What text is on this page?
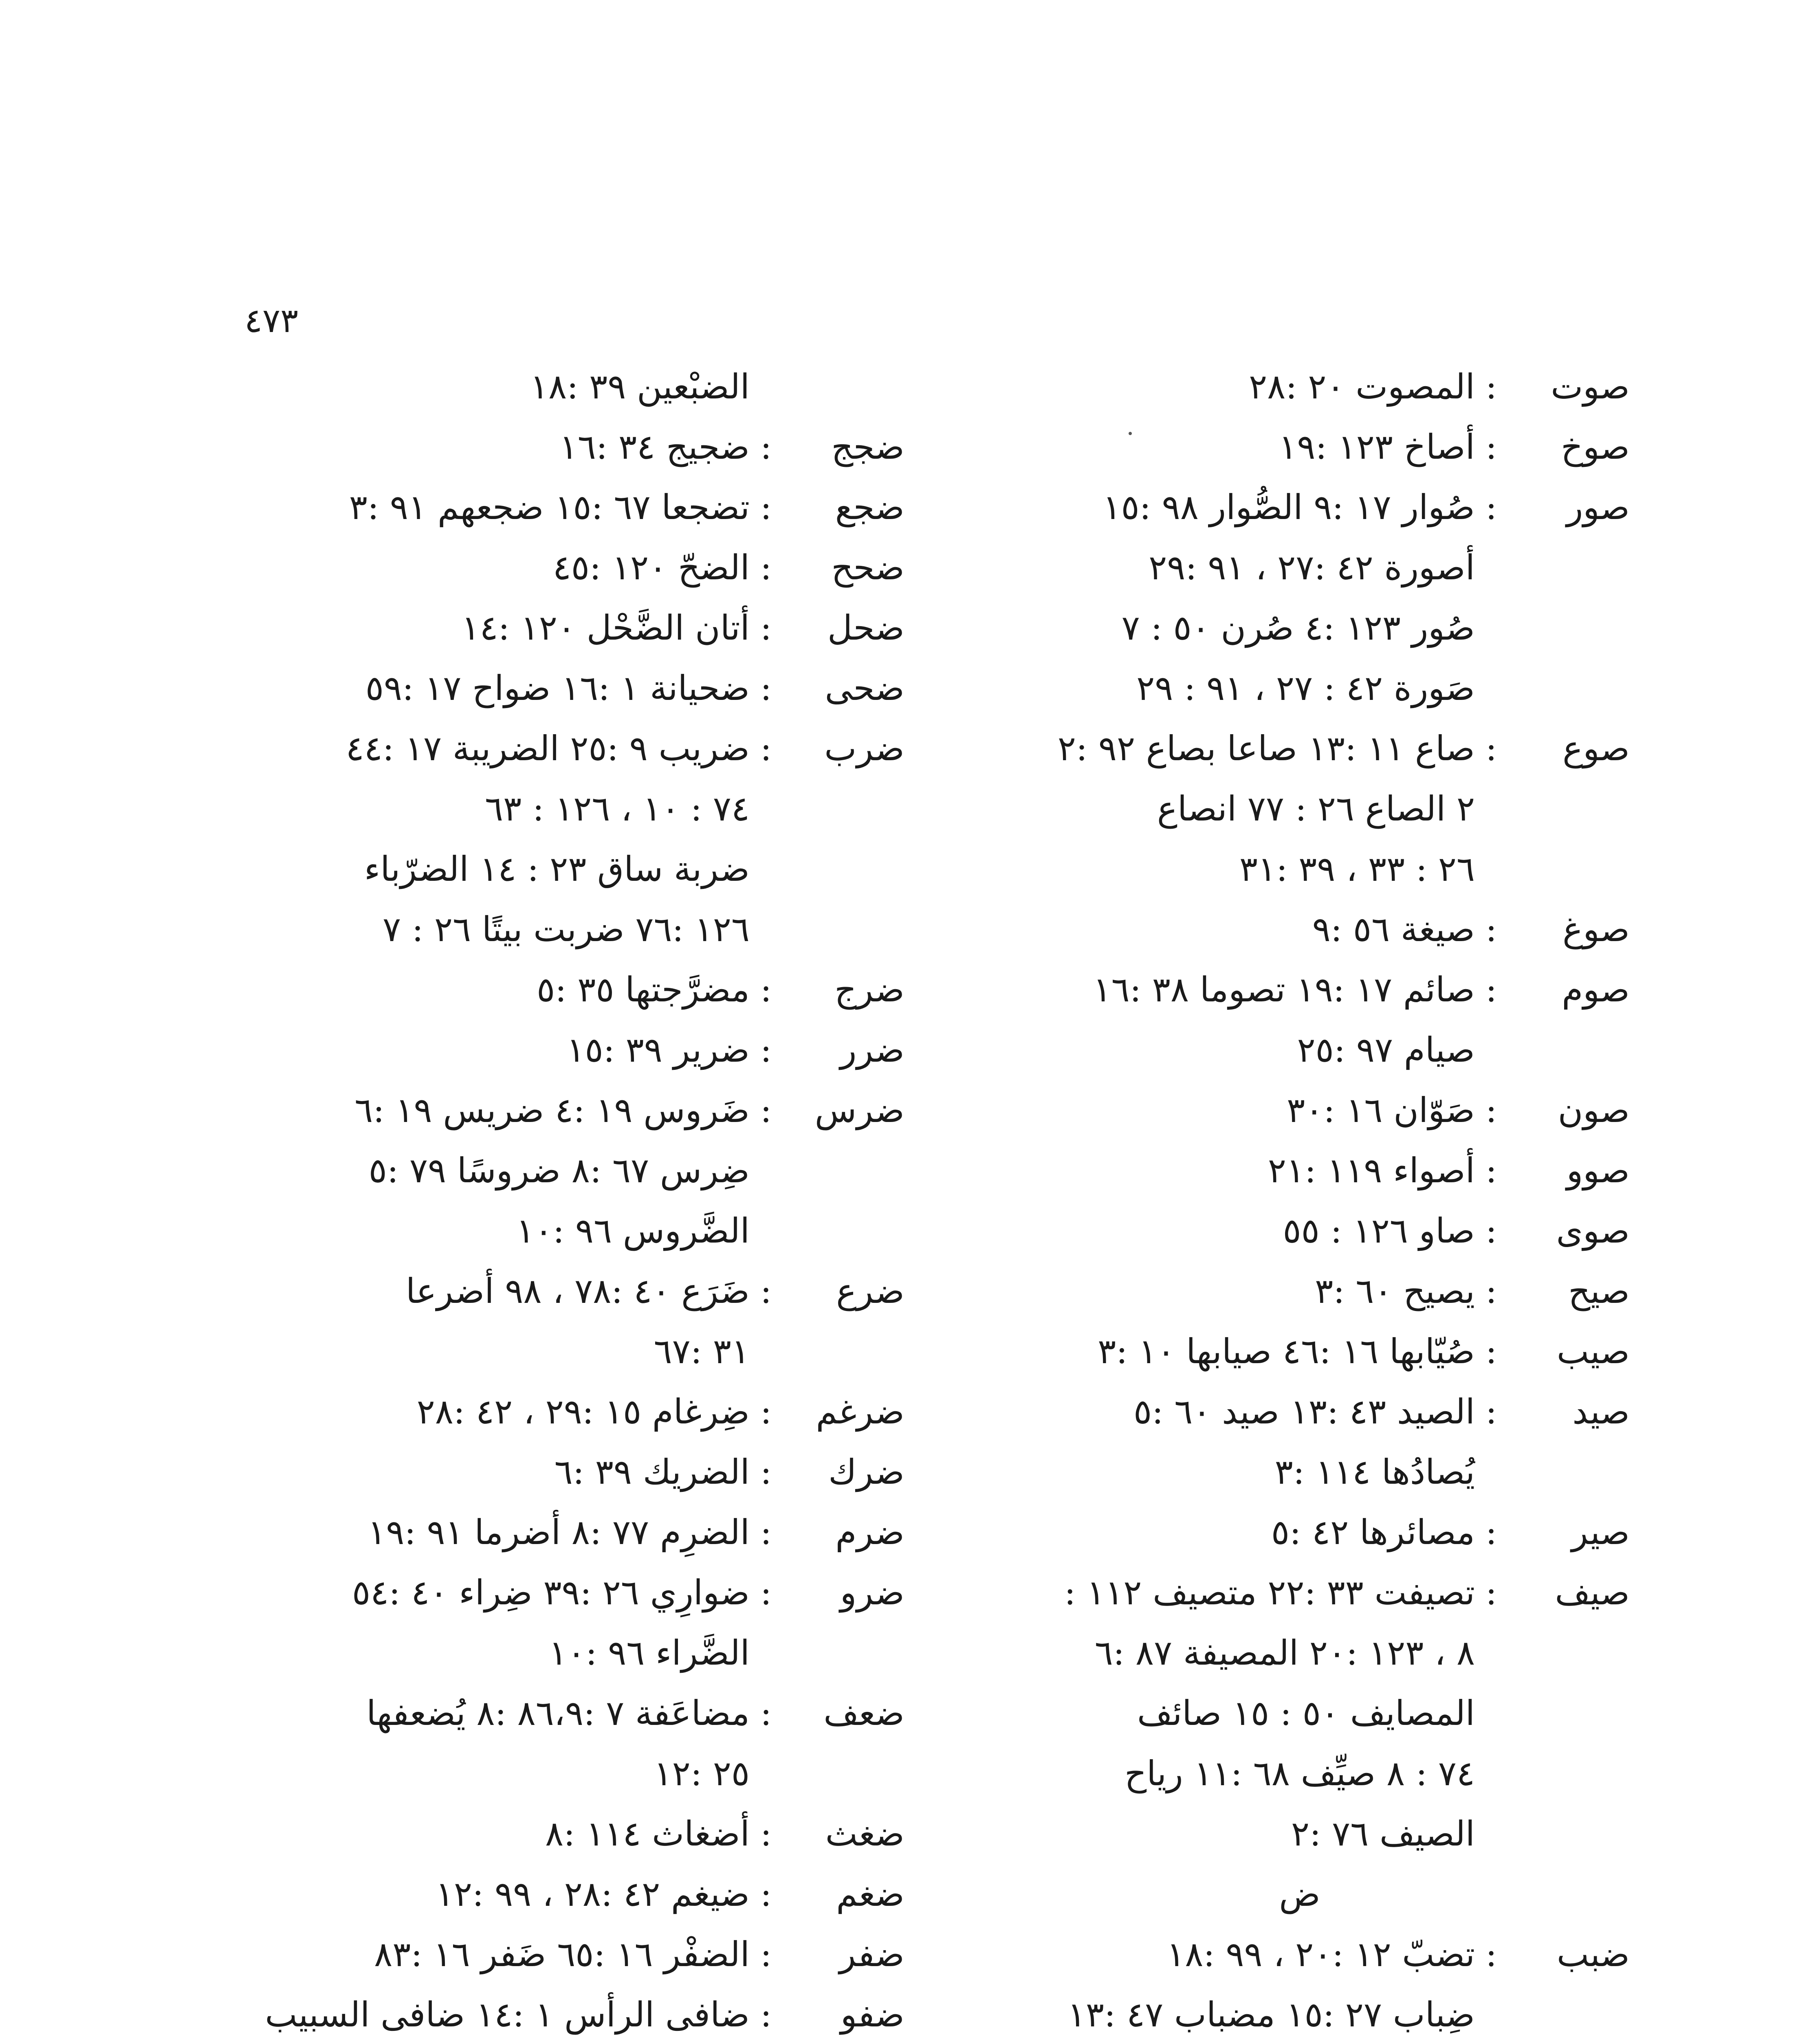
٤٧٣
صوت
:
المصوت ٢٠ :٢٨
صوخ
:
أصاخ ١٢٣ :١٩
صور
:
صُوار ١٧ :٩ الصُّوار ٩٨ :١٥
أصورة ٤٢ :٢٧ ، ٩١ :٢٩
صُور ١٢٣ :٤ صُرن ٥٠ : ٧
صَورة ٤٢ : ٢٧ ، ٩١ : ٢٩
صوع
:
صاع ١١ :١٣ صاعا بصاع ٩٢ :٢
٢ الصاع ٢٦ : ٧٧ انصاع
٢٦ : ٣٣ ، ٣٩ :٣١
صوغ
:
صيغة ٥٦ :٩
صوم
:
صائم ١٧ :١٩ تصوما ٣٨ :١٦
صيام ٩٧ :٢٥
صون
:
صَوّان ١٦ :٣٠
صوو
:
أصواء ١١٩ :٢١
صوى
:
صاو ١٢٦ : ٥٥
صيح
:
يصيح ٦٠ :٣
صيب
:
صُيّابها ١٦ :٤٦ صيابها ١٠ :٣
صيد
:
الصيد ٤٣ :١٣ صيد ٦٠ :٥
يُصادُها ١١٤ :٣
صير
:
مصائرها ٤٢ :٥
صيف
:
تصيفت ٣٣ :٢٢ متصيف ١١٢ :
٨ ، ١٢٣ :٢٠ المصيفة ٨٧ :٦
المصايف ٥٠ : ١٥ صائف
٧٤ : ٨ صيِّف ٦٨ :١١ رياح
الصيف ٧٦ :٢
ض
ضبب
:
تضبّ ١٢ :٢٠ ، ٩٩ :١٨
ضِباب ٢٧ :١٥ مضباب ٤٧ :١٣
الضبْعين ٣٩ :١٨
ضجج
:
ضجيج ٣٤ :١٦
ضجع
:
تضجعا ٦٧ :١٥ ضجعهم ٩١ :٣
ضحح
:
الضحّ ١٢٠ :٤٥
ضحل
:
أتان الضَّحْل ١٢٠ :١٤
ضحى
:
ضحيانة ١ :١٦ ضواح ١٧ :٥٩
ضرب
:
ضريب ٩ :٢٥ الضريبة ١٧ :٤٤
٧٤ : ١٠ ، ١٢٦ : ٦٣
ضربة ساق ٢٣ : ١٤ الضرّباء
١٢٦ :٧٦ ضربت بيتًا ٢٦ : ٧
ضرج
:
مضرَّجتها ٣٥ :٥
ضرر
:
ضرير ٣٩ :١٥
ضرس
:
ضَروس ١٩ :٤ ضريس ١٩ :٦
ضِرس ٦٧ :٨ ضروسًا ٧٩ :٥
الضَّروس ٩٦ :١٠
ضرع
:
ضَرَع ٤٠ :٧٨ ، ٩٨ أضرعا
٣١ :٦٧
ضرغم
:
ضِرغام ١٥ :٢٩ ، ٤٢ :٢٨
ضرك
:
الضريك ٣٩ :٦
ضرم
:
الضرِم ٧٧ :٨ أضرما ٩١ :١٩
ضرو
:
ضوارِي ٢٦ :٣٩ ضِراء ٤٠ :٥٤
الضَّراء ٩٦ :١٠
ضعف
:
مضاعَفة ٧ :٨٦،٩ :٨ يُضعفها
٢٥ :١٢
ضغث
:
أضغاث ١١٤ :٨
ضغم
:
ضيغم ٤٢ :٢٨ ، ٩٩ :١٢
ضفر
:
الضفْر ١٦ :٦٥ ضَفر ١٦ :٨٣
ضفو
:
ضافى الرأس ١ :١٤ ضافى السبيب
